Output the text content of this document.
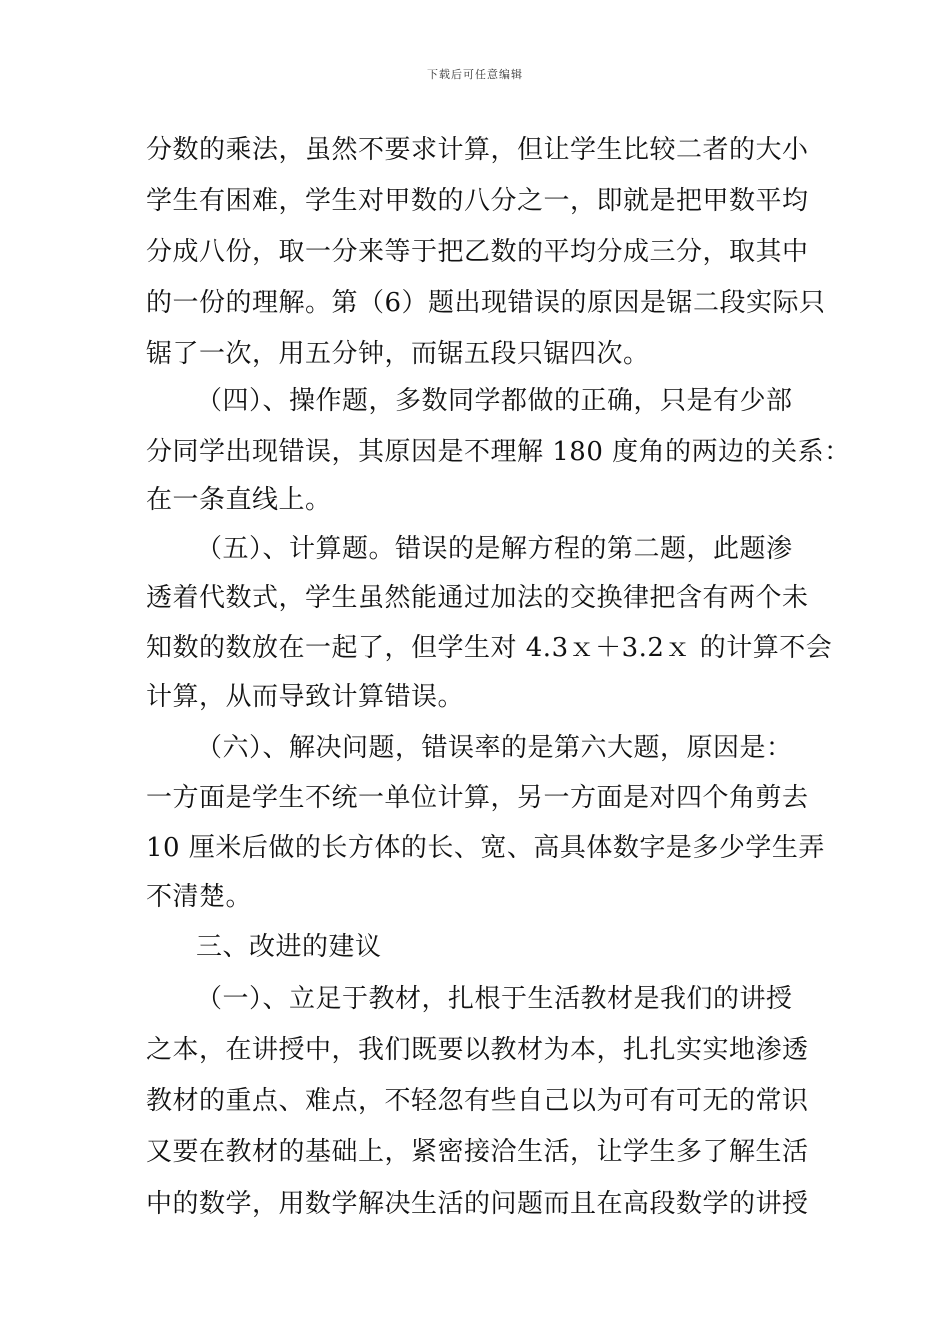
下载后可任意编辑
分数的乘法，虽然不要求计算，但让学生比较二者的大小
学生有困难，学生对甲数的八分之一，即就是把甲数平均
分成八份，取一分来等于把乙数的平均分成三分，取其中
的一份的理解。第（6）题出现错误的原因是锯二段实际只
锯了一次，用五分钟，而锯五段只锯四次。
（四）、操作题，多数同学都做的正确，只是有少部
分同学出现错误，其原因是不理解 180 度角的两边的关系：
在一条直线上。
（五）、计算题。错误的是解方程的第二题，此题渗
透着代数式，学生虽然能通过加法的交换律把含有两个未
知数的数放在一起了，但学生对 4.3ｘ＋3.2ｘ 的计算不会
计算，从而导致计算错误。
（六）、解决问题，错误率的是第六大题，原因是：
一方面是学生不统一单位计算，另一方面是对四个角剪去
10 厘米后做的长方体的长、宽、高具体数字是多少学生弄
不清楚。
三、改进的建议
（一）、立足于教材，扎根于生活教材是我们的讲授
之本，在讲授中，我们既要以教材为本，扎扎实实地渗透
教材的重点、难点，不轻忽有些自己以为可有可无的常识
又要在教材的基础上，紧密接洽生活，让学生多了解生活
中的数学，用数学解决生活的问题而且在高段数学的讲授
